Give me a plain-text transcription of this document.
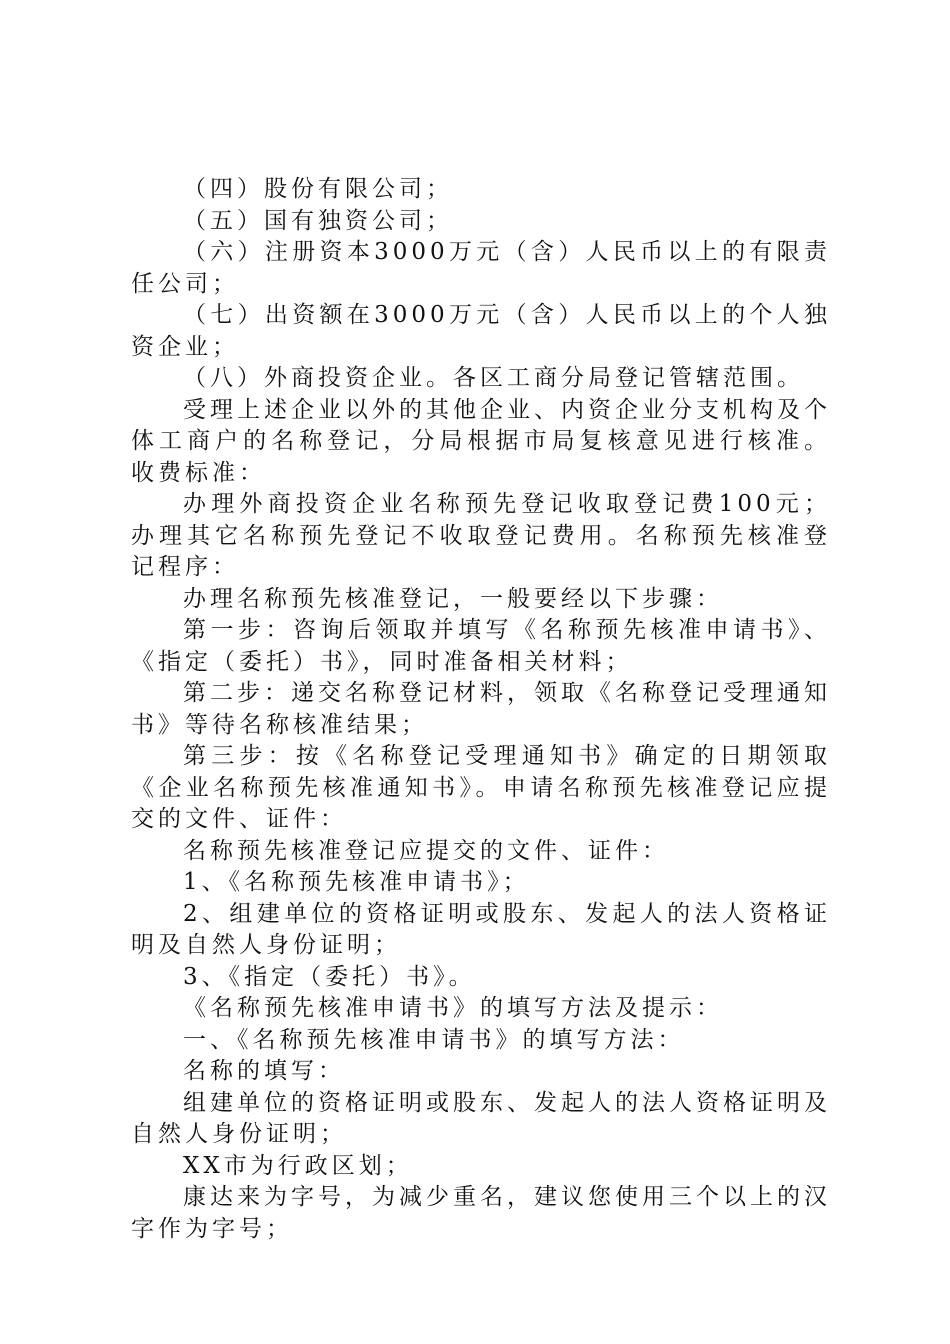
（四）股份有限公司；

（五）国有独资公司；

（六）注册资本3000万元（含）人民币以上的有限责任公司；

（七）出资额在3000万元（含）人民币以上的个人独资企业；

（八）外商投资企业。各区工商分局登记管辖范围。

受理上述企业以外的其他企业、内资企业分支机构及个体工商户的名称登记，分局根据市局复核意见进行核准。收费标准：

办理外商投资企业名称预先登记收取登记费100元；办理其它名称预先登记不收取登记费用。名称预先核准登记程序：

办理名称预先核准登记，一般要经以下步骤：

第一步：咨询后领取并填写《名称预先核准申请书》、《指定（委托）书》，同时准备相关材料；

第二步：递交名称登记材料，领取《名称登记受理通知书》等待名称核准结果；

第三步：按《名称登记受理通知书》确定的日期领取《企业名称预先核准通知书》。申请名称预先核准登记应提交的文件、证件：

名称预先核准登记应提交的文件、证件：

1、《名称预先核准申请书》；

2、组建单位的资格证明或股东、发起人的法人资格证明及自然人身份证明；

3、《指定（委托）书》。

《名称预先核准申请书》的填写方法及提示：

一、《名称预先核准申请书》的填写方法：

名称的填写：

组建单位的资格证明或股东、发起人的法人资格证明及自然人身份证明；

XX市为行政区划；

康达来为字号，为减少重名，建议您使用三个以上的汉字作为字号；
